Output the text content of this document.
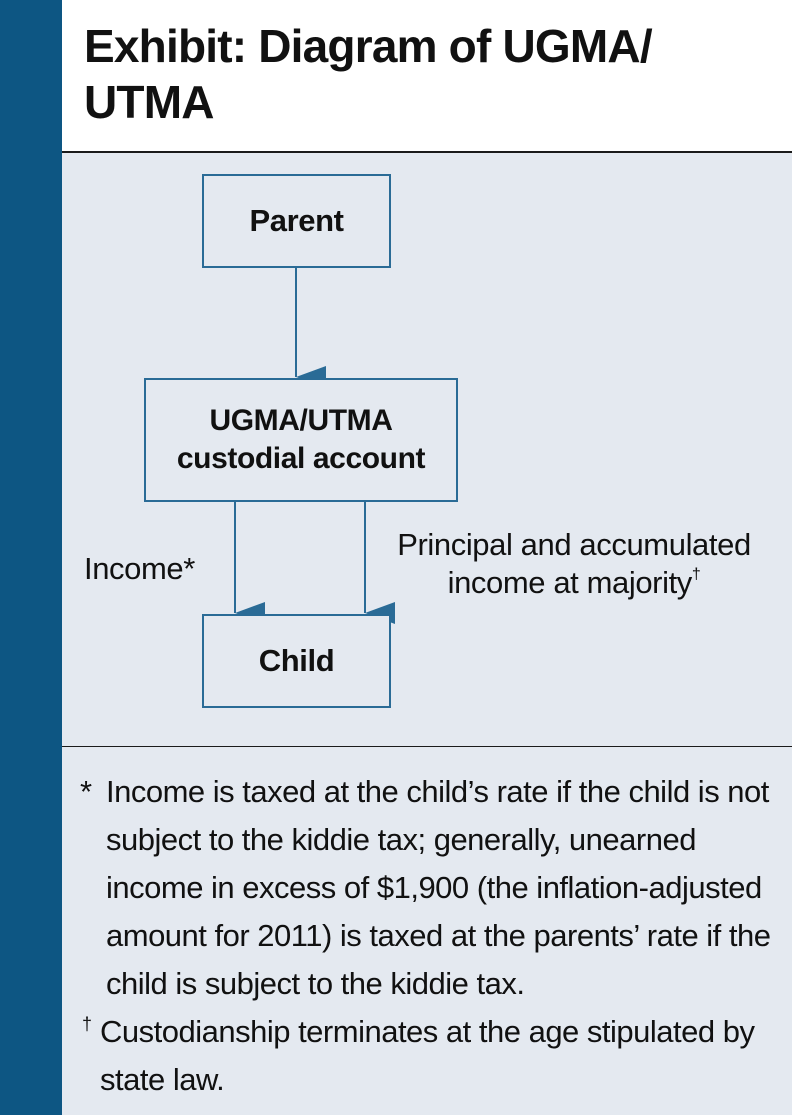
Exhibit: Diagram of UGMA/ UTMA
Parent
UGMA/UTMA
custodial account
Child
Income*
Principal and accumulated
income at majority†
* Income is taxed at the child’s rate if the child is not subject to the kiddie tax; generally, unearned income in excess of $1,900 (the inflation-adjusted amount for 2011) is taxed at the parents’ rate if the child is subject to the kiddie tax.
† Custodianship terminates at the age stipulated by state law.
